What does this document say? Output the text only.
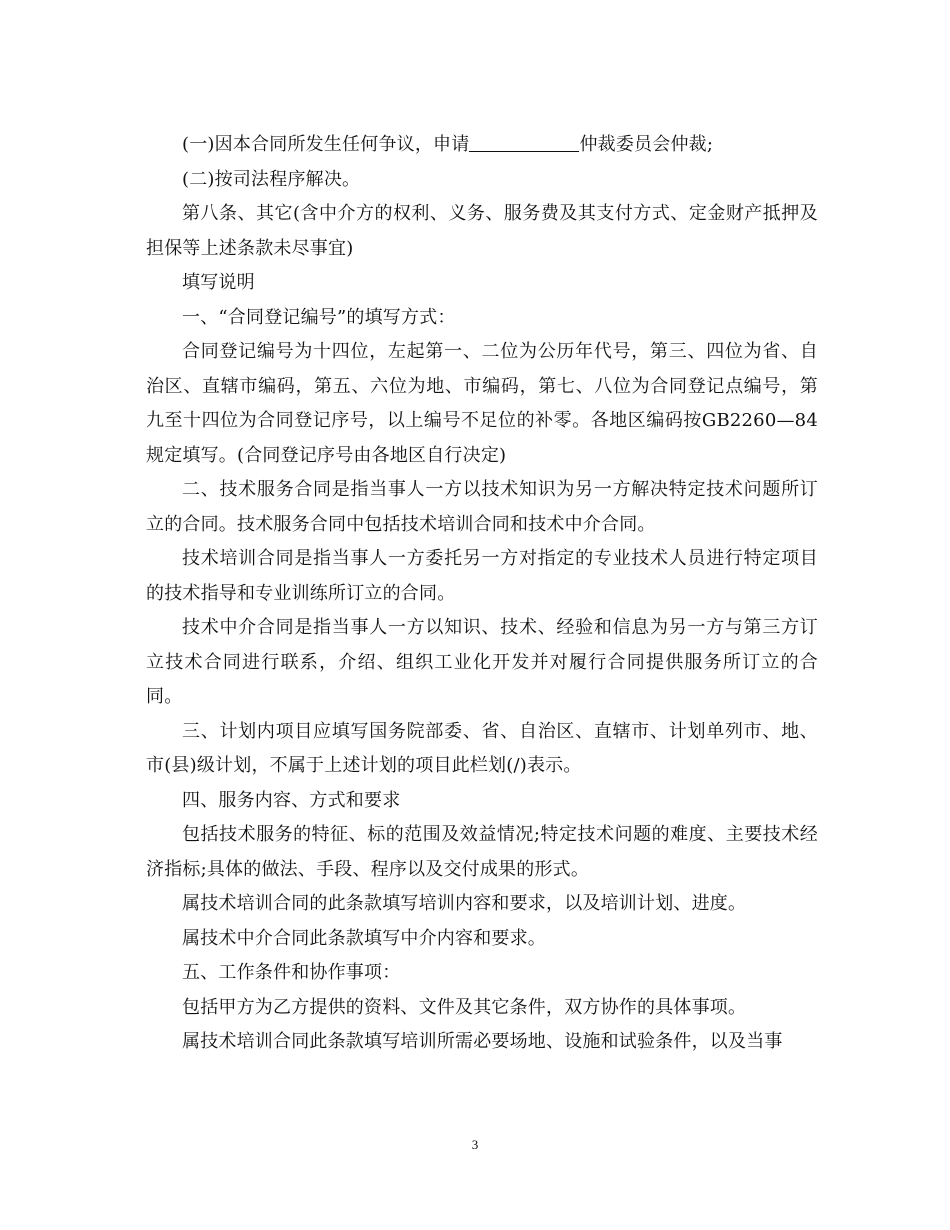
(一)因本合同所发生任何争议，申请	仲裁委员会仲裁;

(二)按司法程序解决。

第八条、其它(含中介方的权利、义务、服务费及其支付方式、定金财产抵押及担保等上述条款未尽事宜)

填写说明

一、“合同登记编号”的填写方式：

合同登记编号为十四位，左起第一、二位为公历年代号，第三、四位为省、自治区、直辖市编码，第五、六位为地、市编码，第七、八位为合同登记点编号，第九至十四位为合同登记序号，以上编号不足位的补零。各地区编码按GB2260—84规定填写。(合同登记序号由各地区自行决定)

二、技术服务合同是指当事人一方以技术知识为另一方解决特定技术问题所订立的合同。技术服务合同中包括技术培训合同和技术中介合同。

技术培训合同是指当事人一方委托另一方对指定的专业技术人员进行特定项目的技术指导和专业训练所订立的合同。

技术中介合同是指当事人一方以知识、技术、经验和信息为另一方与第三方订立技术合同进行联系，介绍、组织工业化开发并对履行合同提供服务所订立的合同。

三、计划内项目应填写国务院部委、省、自治区、直辖市、计划单列市、地、市(县)级计划，不属于上述计划的项目此栏划(/)表示。

四、服务内容、方式和要求

包括技术服务的特征、标的范围及效益情况;特定技术问题的难度、主要技术经济指标;具体的做法、手段、程序以及交付成果的形式。

属技术培训合同的此条款填写培训内容和要求，以及培训计划、进度。

属技术中介合同此条款填写中介内容和要求。

五、工作条件和协作事项：

包括甲方为乙方提供的资料、文件及其它条件，双方协作的具体事项。

属技术培训合同此条款填写培训所需必要场地、设施和试验条件，以及当事

3
